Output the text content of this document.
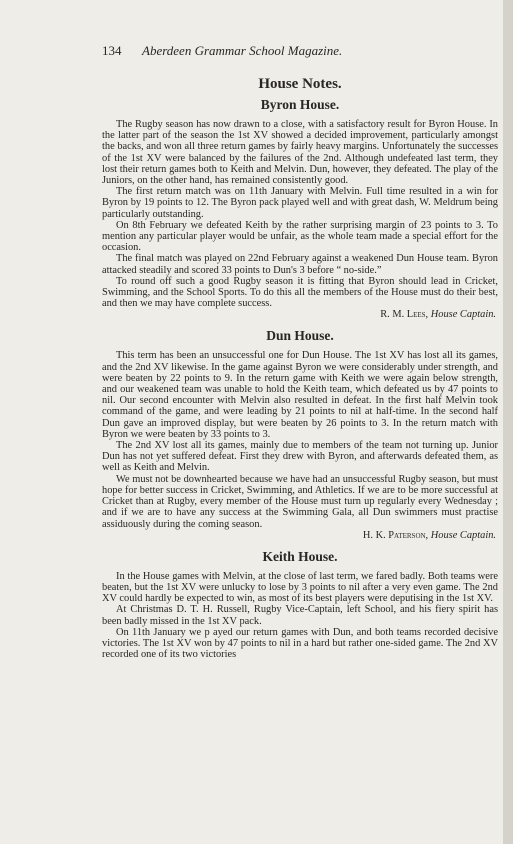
134 Aberdeen Grammar School Magazine.
House Notes.
Byron House.

The Rugby season has now drawn to a close, with a satisfactory result for Byron House. In the latter part of the season the 1st XV showed a decided improvement, particularly amongst the backs, and won all three return games by fairly heavy margins. Unfortunately the successes of the 1st XV were balanced by the failures of the 2nd. Although undefeated last term, they lost their return games both to Keith and Melvin. Dun, however, they defeated. The play of the Juniors, on the other hand, has remained consistently good.

The first return match was on 11th January with Melvin. Full time resulted in a win for Byron by 19 points to 12. The Byron pack played well and with great dash, W. Meldrum being particularly outstanding.

On 8th February we defeated Keith by the rather surprising margin of 23 points to 3. To mention any particular player would be unfair, as the whole team made a special effort for the occasion.

The final match was played on 22nd February against a weakened Dun House team. Byron attacked steadily and scored 33 points to Dun's 3 before “ no-side.”

To round off such a good Rugby season it is fitting that Byron should lead in Cricket, Swimming, and the School Sports. To do this all the members of the House must do their best, and then we may have complete success.

R. M. Lees, House Captain.
Dun House.

This term has been an unsuccessful one for Dun House. The 1st XV has lost all its games, and the 2nd XV likewise. In the game against Byron we were considerably under strength, and were beaten by 22 points to 9. In the return game with Keith we were again below strength, and our weakened team was unable to hold the Keith team, which defeated us by 47 points to nil. Our second encounter with Melvin also resulted in defeat. In the first half Melvin took command of the game, and were leading by 21 points to nil at half-time. In the second half Dun gave an improved display, but were beaten by 26 points to 3. In the return match with Byron we were beaten by 33 points to 3.

The 2nd XV lost all its games, mainly due to members of the team not turning up. Junior Dun has not yet suffered defeat. First they drew with Byron, and afterwards defeated them, as well as Keith and Melvin.

We must not be downhearted because we have had an unsuccessful Rugby season, but must hope for better success in Cricket, Swimming, and Athletics. If we are to be more successful at Cricket than at Rugby, every member of the House must turn up regularly every Wednesday ; and if we are to have any success at the Swimming Gala, all Dun swimmers must practise assiduously during the coming season.

H. K. Paterson, House Captain.
Keith House.

In the House games with Melvin, at the close of last term, we fared badly. Both teams were beaten, but the 1st XV were unlucky to lose by 3 points to nil after a very even game. The 2nd XV could hardly be expected to win, as most of its best players were deputising in the 1st XV.

At Christmas D. T. H. Russell, Rugby Vice-Captain, left School, and his fiery spirit has been badly missed in the 1st XV pack.

On 11th January we p ayed our return games with Dun, and both teams recorded decisive victories. The 1st XV won by 47 points to nil in a hard but rather one-sided game. The 2nd XV recorded one of its two victories
